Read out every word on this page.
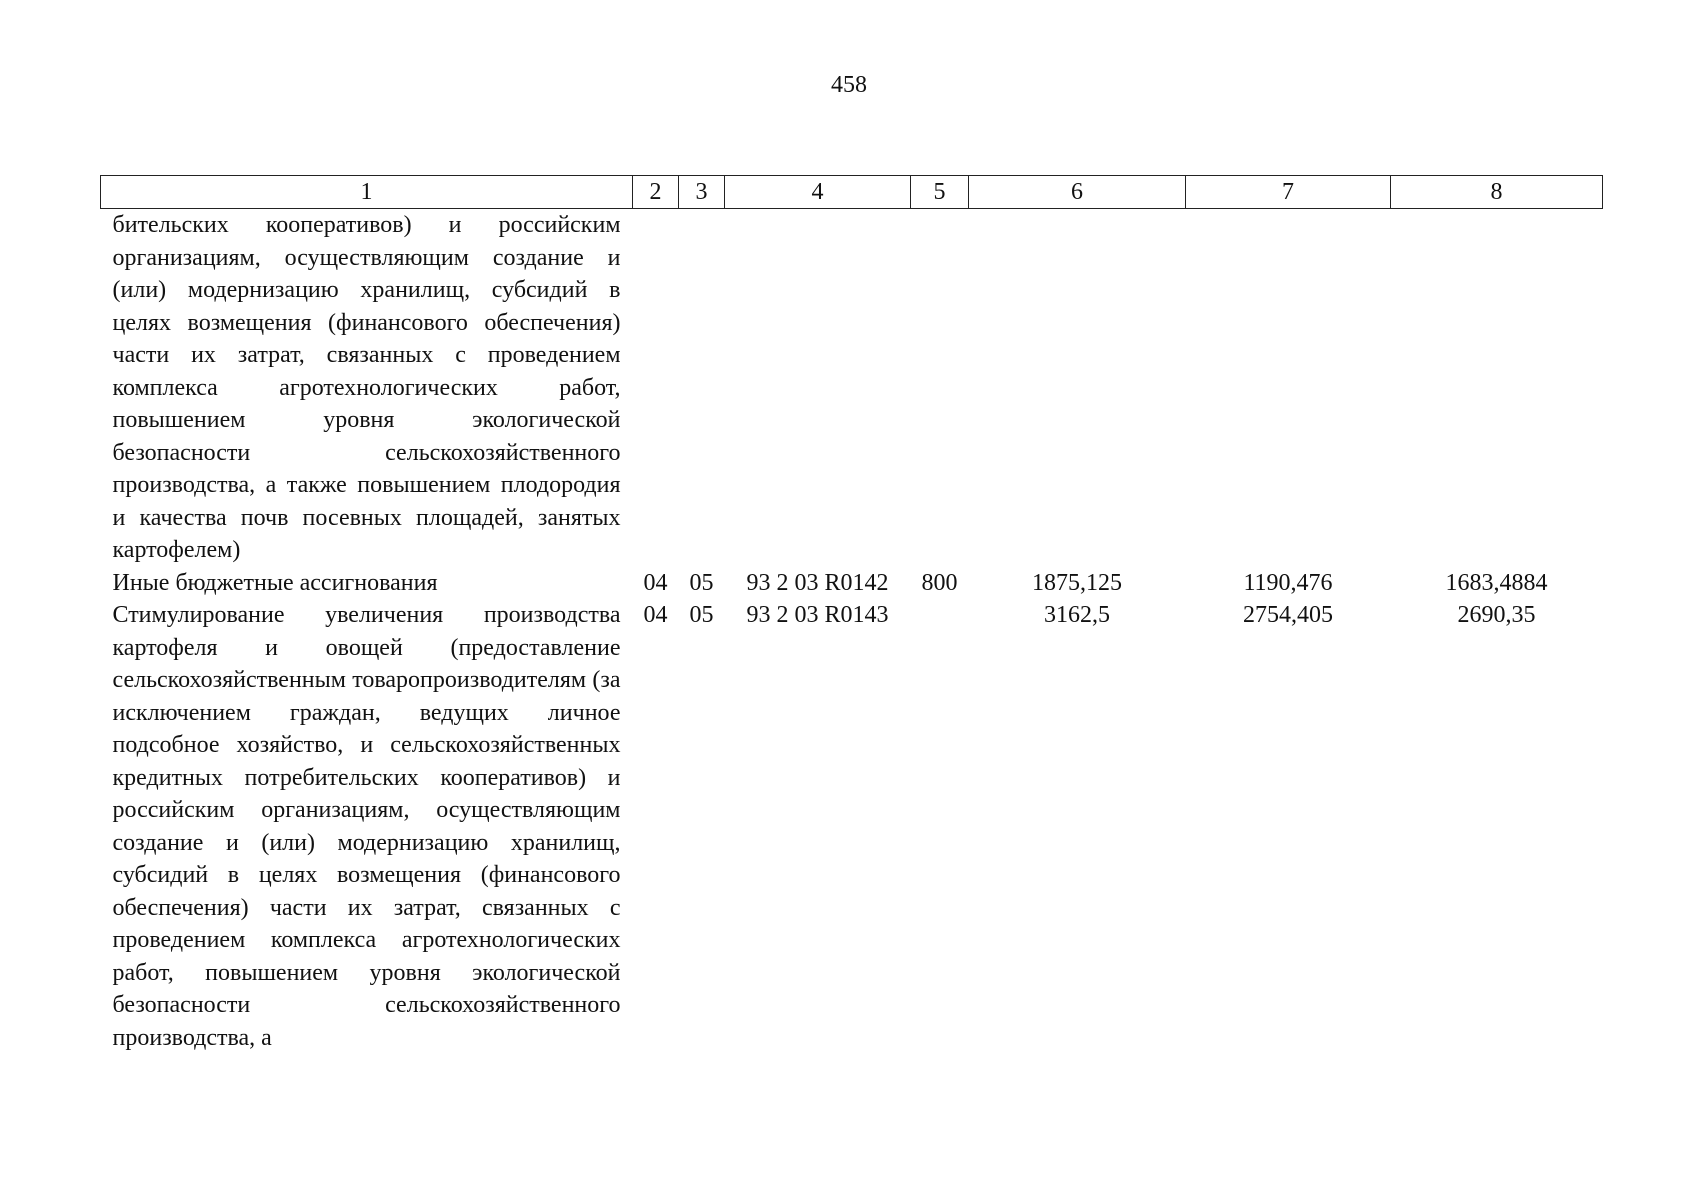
458
1	2	3	4	5	6	7	8
бительских кооперативов) и российским организациям, осуществляющим создание и (или) модернизацию хранилищ, субсидий в целях возмещения (финансового обеспечения) части их затрат, связанных с проведением комплекса агротехнологических работ, повышением уровня экологической безопасности сельскохозяйственного производства, а также повышением плодородия и качества почв посевных площадей, занятых картофелем)							
Иные бюджетные ассигнования	04	05	93 2 03 R0142	800	1875,125	1190,476	1683,4884
Стимулирование увеличения производства картофеля и овощей (предоставление сельскохозяйственным товаропроизводителям (за исключением граждан, ведущих личное подсобное хозяйство, и сельскохозяйственных кредитных потребительских кооперативов) и российским организациям, осуществляющим создание и (или) модернизацию хранилищ, субсидий в целях возмещения (финансового обеспечения) части их затрат, связанных с проведением комплекса агротехнологических работ, повышением уровня экологической безопасности сельскохозяйственного производства, а	04	05	93 2 03 R0143		3162,5	2754,405	2690,35
